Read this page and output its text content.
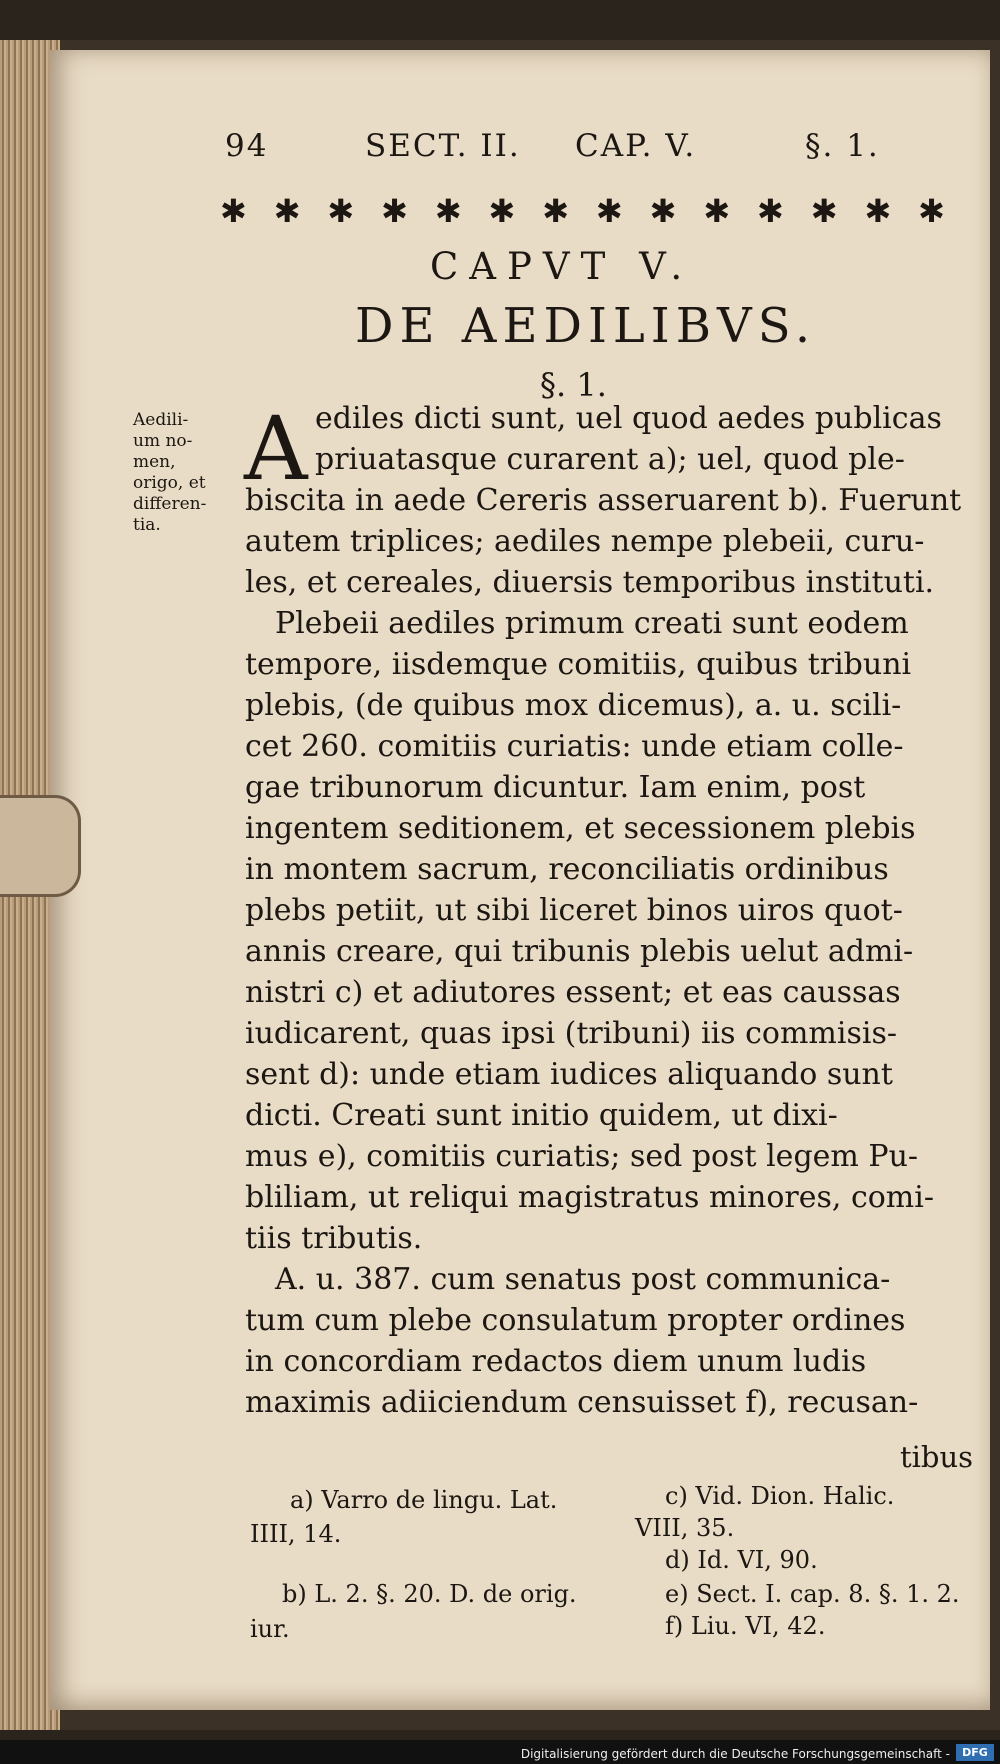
94	SECT. II. CAP. V.	§. 1.
✱ ✱ ✱ ✱ ✱ ✱ ✱ ✱ ✱ ✱ ✱ ✱ ✱ ✱
CAPVT V.
DE AEDILIBVS.
§. 1.
Aedili-
um no-
men,
origo, et
differen-
tia.
A ediles dicti sunt, uel quod aedes publicas
priuatasque curarent a); uel, quod ple-
biscita in aede Cereris asseruarent b). Fuerunt
autem triplices; aediles nempe plebeii, curu-
les, et cereales, diuersis temporibus instituti.
Plebeii aediles primum creati sunt eodem
tempore, iisdemque comitiis, quibus tribuni
plebis, (de quibus mox dicemus), a. u. scili-
cet 260. comitiis curiatis: unde etiam colle-
gae tribunorum dicuntur. Iam enim, post
ingentem seditionem, et secessionem plebis
in montem sacrum, reconciliatis ordinibus
plebs petiit, ut sibi liceret binos uiros quot-
annis creare, qui tribunis plebis uelut admi-
nistri c) et adiutores essent; et eas caussas
iudicarent, quas ipsi (tribuni) iis commisis-
sent d): unde etiam iudices aliquando sunt
dicti. Creati sunt initio quidem, ut dixi-
mus e), comitiis curiatis; sed post legem Pu-
bliliam, ut reliqui magistratus minores, comi-
tiis tributis.
A. u. 387. cum senatus post communica-
tum cum plebe consulatum propter ordines
in concordiam redactos diem unum ludis
maximis adiiciendum censuisset f), recusan-
tibus
a) Varro de lingu. Lat.
IIII, 14.
b) L. 2. §. 20. D. de orig.
iur.
c) Vid. Dion. Halic.
VIII, 35.
d) Id. VI, 90.
e) Sect. I. cap. 8. §. 1. 2.
f) Liu. VI, 42.
Digitalisierung gefördert durch die Deutsche Forschungsgemeinschaft -	DFG
